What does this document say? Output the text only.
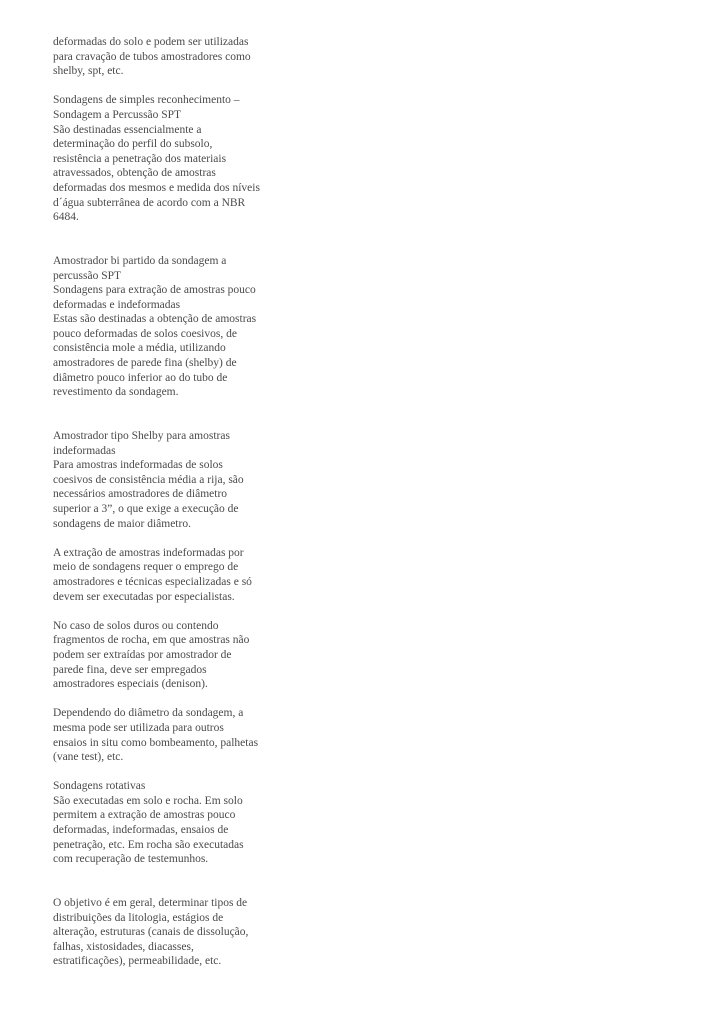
deformadas do solo e podem ser utilizadas
para cravação de tubos amostradores como
shelby, spt, etc.

Sondagens de simples reconhecimento –
Sondagem a Percussão SPT
São destinadas essencialmente a
determinação do perfil do subsolo,
resistência a penetração dos materiais
atravessados, obtenção de amostras
deformadas dos mesmos e medida dos níveis
d´água subterrânea de acordo com a NBR
6484.

Amostrador bi partido da sondagem a
percussão SPT
Sondagens para extração de amostras pouco
deformadas e indeformadas
Estas são destinadas a obtenção de amostras
pouco deformadas de solos coesivos, de
consistência mole a média, utilizando
amostradores de parede fina (shelby) de
diâmetro pouco inferior ao do tubo de
revestimento da sondagem.

Amostrador tipo Shelby para amostras
indeformadas
Para amostras indeformadas de solos
coesivos de consistência média a rija, são
necessários amostradores de diâmetro
superior a 3”, o que exige a execução de
sondagens de maior diâmetro.

A extração de amostras indeformadas por
meio de sondagens requer o emprego de
amostradores e técnicas especializadas e só
devem ser executadas por especialistas.

No caso de solos duros ou contendo
fragmentos de rocha, em que amostras não
podem ser extraídas por amostrador de
parede fina, deve ser empregados
amostradores especiais (denison).

Dependendo do diâmetro da sondagem, a
mesma pode ser utilizada para outros
ensaios in situ como bombeamento, palhetas
(vane test), etc.

Sondagens rotativas
São executadas em solo e rocha. Em solo
permitem a extração de amostras pouco
deformadas, indeformadas, ensaios de
penetração, etc. Em rocha são executadas
com recuperação de testemunhos.

O objetivo é em geral, determinar tipos de
distribuições da litologia, estágios de
alteração, estruturas (canais de dissolução,
falhas, xistosidades, diacasses,
estratificações), permeabilidade, etc.
